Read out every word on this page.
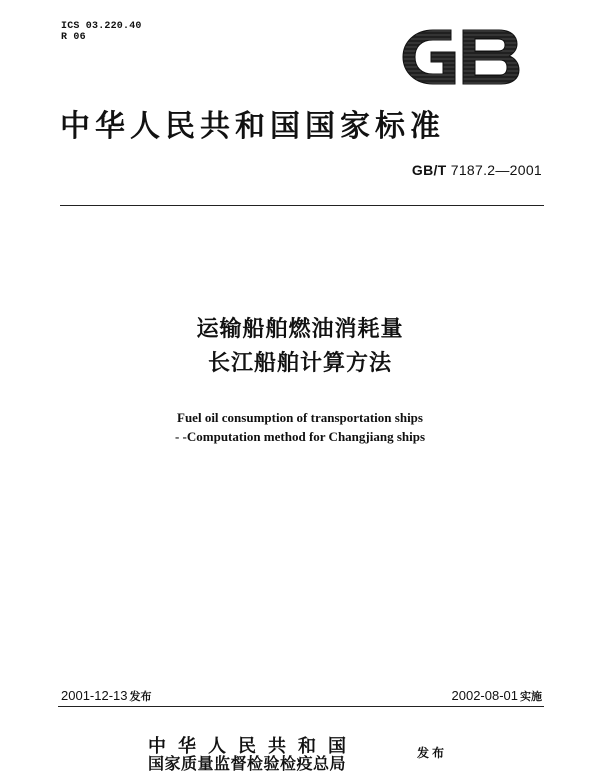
ICS 03.220.40
R 06
GB
中华人民共和国国家标准
GB/T 7187.2—2001
运输船舶燃油消耗量
长江船舶计算方法
Fuel oil consumption of transportation ships
- -Computation method for Changjiang ships
2001-12-13 发布	2002-08-01 实施
中华人民共和国
国家质量监督检验检疫总局
发布
